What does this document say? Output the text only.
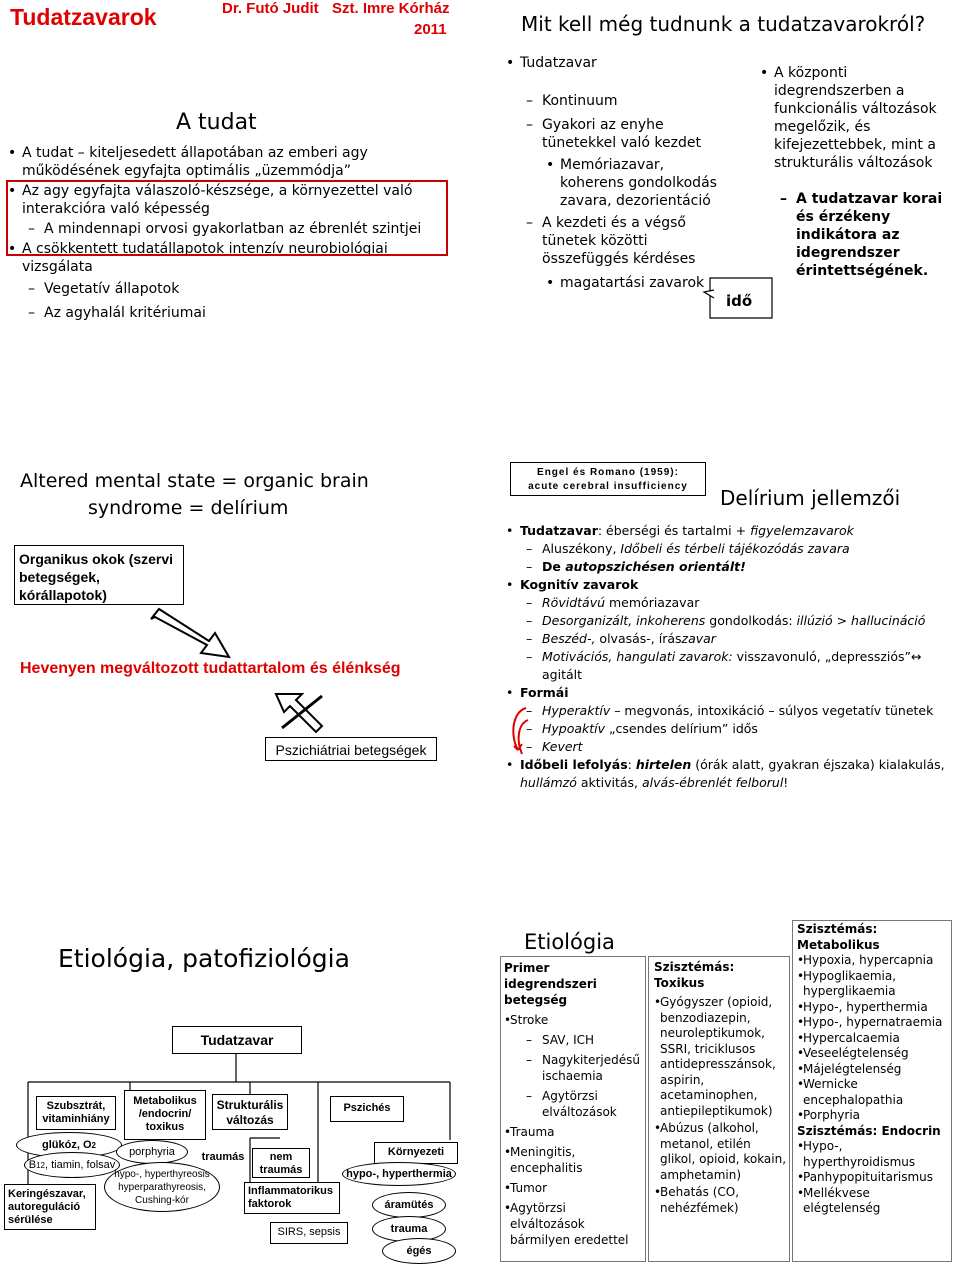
Tudatzavarok	Dr. Futó Judit Szt. Imre Kórház
2011
A tudat
• A tudat – kiteljesedett állapotában az emberi agy működésének egyfajta optimális „üzemmódja”
• Az agy egyfajta válaszoló-készsége, a környezettel való interakcióra való képesség
– A mindennapi orvosi gyakorlatban az ébrenlét szintjei
• A csökkentett tudatállapotok intenzív neurobiológiai vizsgálata
– Vegetatív állapotok
– Az agyhalál kritériumai
Mit kell még tudnunk a tudatzavarokról?
• Tudatzavar
– Kontinuum
– Gyakori az enyhe tünetekkel való kezdet
• Memóriazavar, koherens gondolkodás zavara, dezorientáció
– A kezdeti és a végső tünetek közötti összefüggés kérdéses
• magatartási zavarok
idő
• A központi idegrendszerben a funkcionális változások megelőzik, és kifejezettebbek, mint a strukturális változások
– A tudatzavar korai és érzékeny indikátora az idegrendszer érintettségének.
Altered mental state = organic brain
syndrome = delírium
Organikus okok (szervi betegségek, kórállapotok)
Hevenyen megváltozott tudattartalom és élénkség
Pszichiátriai betegségek
Engel és Romano (1959):
acute cerebral insufficiency	Delírium jellemzői
• Tudatzavar: éberségi és tartalmi + figyelemzavarok
– Aluszékony, Időbeli és térbeli tájékozódás zavara
– De autopszichésen orientált!
• Kognitív zavarok
– Rövidtávú memóriazavar
– Desorganizált, inkoherens gondolkodás: illúzió > hallucináció
– Beszéd-, olvasás-, írászavar
– Motivációs, hangulati zavarok: visszavonuló, „depressziós”↔
agitált
• Formái
– Hyperaktív – megvonás, intoxikáció – súlyos vegetatív tünetek
– Hypoaktív „csendes delírium” idős
– Kevert
• Időbeli lefolyás: hirtelen (órák alatt, gyakran éjszaka) kialakulás,
hullámzó aktivitás, alvás-ébrenlét felborul!
Etiológia, patofiziológia
Tudatzavar
Szubsztrát, vitaminhiány
glükóz, O 2
B 12 , tiamin, folsav
Keringészavar, autoreguláció sérülése
Metabolikus /endocrin/ toxikus
porphyria
hypo-, hyperthyreosis hyperparathyreosis, Cushing-kór
Strukturális változás
traumás	nem traumás
Inflammatorikus faktorok
SIRS, sepsis
Pszichés
Környezeti
hypo-, hyperthermia
áramütés
trauma
égés
Etiológia
Primer idegrendszeri betegség
• Stroke
– SAV, ICH
– Nagykiterjedésű ischaemia
– Agytörzsi elváltozások
• Trauma
• Meningitis, encephalitis
• Tumor
• Agytörzsi elváltozások bármilyen eredettel
Szisztémás: Toxikus
• Gyógyszer (opioid, benzodiazepin, neuroleptikumok, SSRI, triciklusos antidepresszánsok, aspirin, acetaminophen, antiepileptikumok)
• Abúzus (alkohol, metanol, etilén glikol, opioid, kokain, amphetamin)
• Behatás (CO, nehézfémek)
Szisztémás: Metabolikus
• Hypoxia, hypercapnia
• Hypoglikaemia, hyperglikaemia
• Hypo-, hyperthermia
• Hypo-, hypernatraemia
• Hypercalcaemia
• Veseelégtelenség
• Májelégtelenség
• Wernicke encephalopathia
• Porphyria
Szisztémás: Endocrin
• Hypo-, hyperthyroidismus
• Panhypopituitarismus
• Mellékvese elégtelenség
